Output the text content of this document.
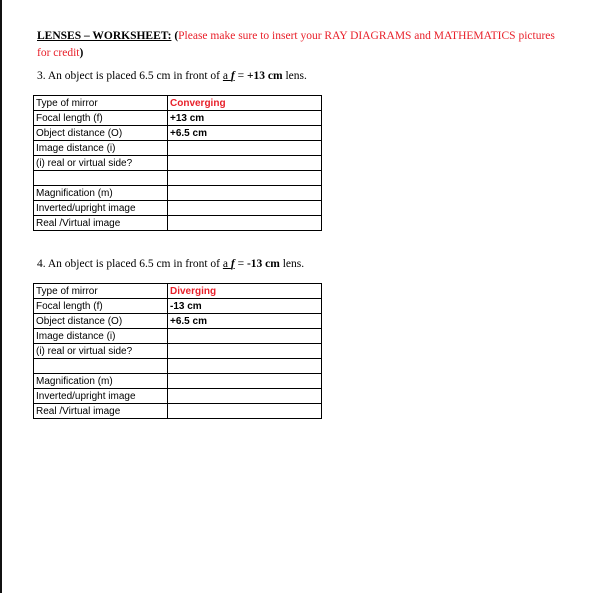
LENSES – WORKSHEET: (Please make sure to insert your RAY DIAGRAMS and MATHEMATICS pictures for credit)
3. An object is placed 6.5 cm in front of a f = +13 cm lens.
Type of mirror	Converging
Focal length (f)	+13 cm
Object distance (O)	+6.5 cm
Image distance (i)	
(i) real or virtual side?	

Magnification (m)	
Inverted/upright image	
Real /Virtual image	
4. An object is placed 6.5 cm in front of a f = -13 cm lens.
Type of mirror	Diverging
Focal length (f)	-13 cm
Object distance (O)	+6.5 cm
Image distance (i)	
(i) real or virtual side?	

Magnification (m)	
Inverted/upright image	
Real /Virtual image	
